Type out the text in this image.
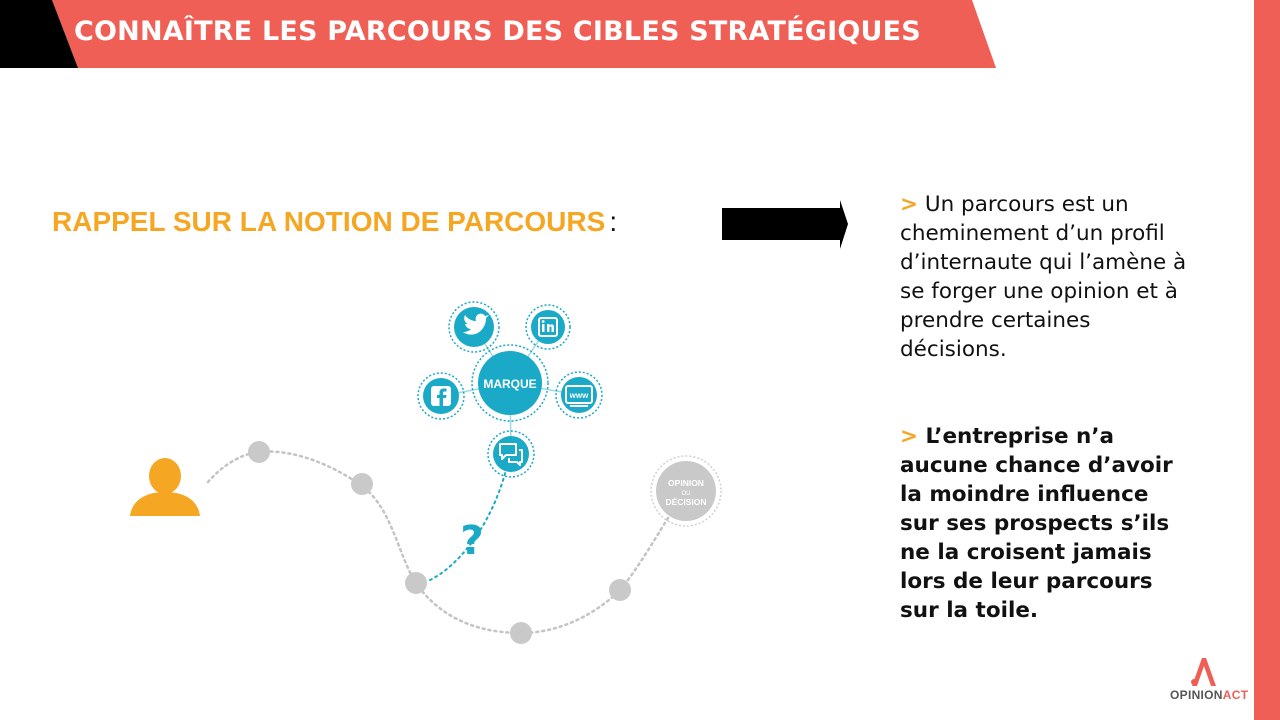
CONNAÎTRE LES PARCOURS DES CIBLES STRATÉGIQUES
RAPPEL SUR LA NOTION DE PARCOURS :
> Un parcours est un cheminement d’un profil d’internaute qui l’amène à se forger une opinion et à prendre certaines décisions.
> L’entreprise n’a aucune chance d’avoir la moindre influence sur ses prospects s’ils ne la croisent jamais lors de leur parcours sur la toile.
OPINION
OU
DÉCISION
?
MARQUE
www
OPINIONACT
